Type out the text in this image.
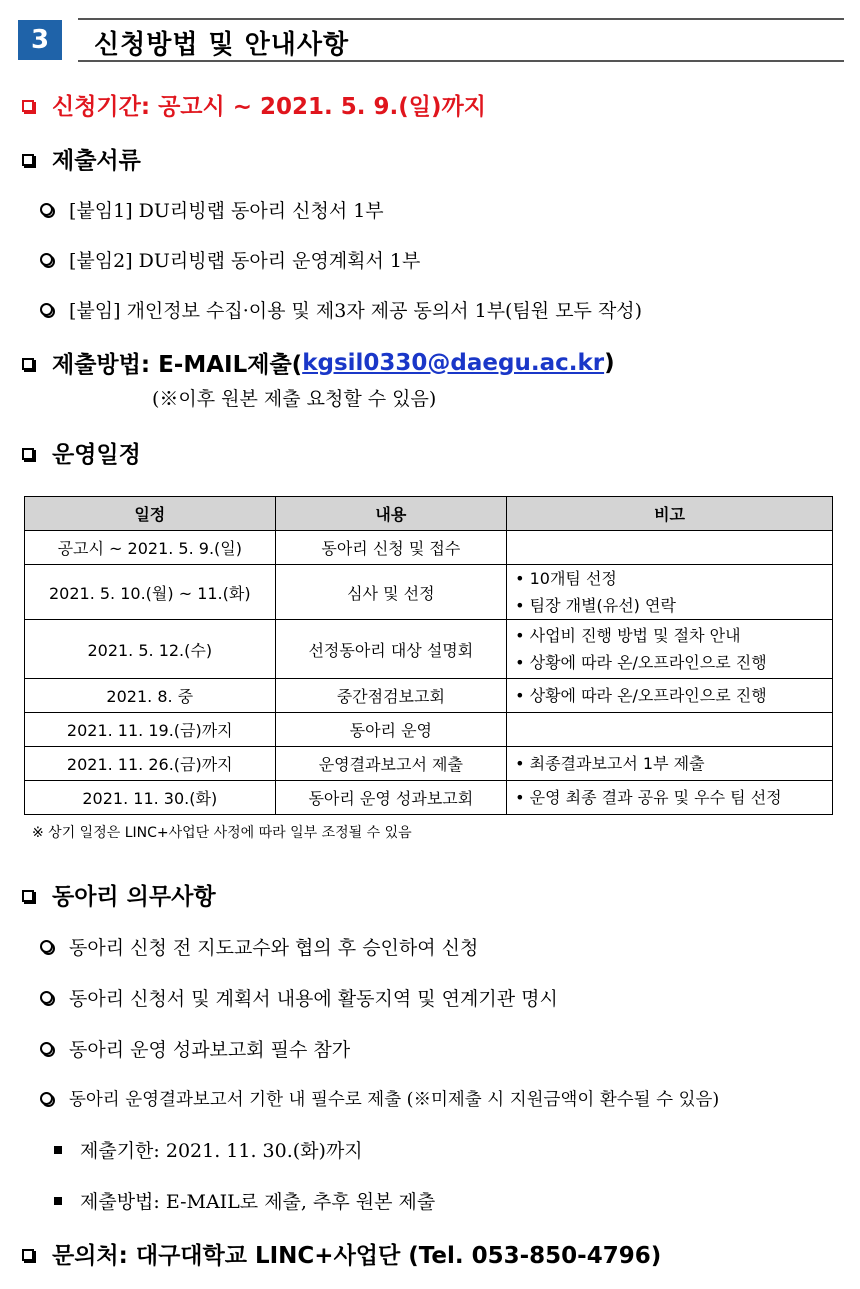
3	신청방법 및 안내사항
신청기간: 공고시 ~ 2021. 5. 9.(일)까지
제출서류
[붙임1] DU리빙랩 동아리 신청서 1부
[붙임2] DU리빙랩 동아리 운영계획서 1부
[붙임] 개인정보 수집·이용 및 제3자 제공 동의서 1부(팀원 모두 작성)
제출방법: E-MAIL제출( kgsil0330@daegu.ac.kr )
(※이후 원본 제출 요청할 수 있음)
운영일정
일정	내용	비고
공고시 ~ 2021. 5. 9.(일)	동아리 신청 및 접수	
2021. 5. 10.(월) ~ 11.(화)	심사 및 선정	• 10개팀 선정
• 팀장 개별(유선) 연락

2021. 5. 12.(수)	선정동아리 대상 설명회	• 사업비 진행 방법 및 절차 안내
• 상황에 따라 온/오프라인으로 진행

2021. 8. 중	중간점검보고회	• 상황에 따라 온/오프라인으로 진행

2021. 11. 19.(금)까지	동아리 운영	
2021. 11. 26.(금)까지	운영결과보고서 제출	• 최종결과보고서 1부 제출

2021. 11. 30.(화)	동아리 운영 성과보고회	• 운영 최종 결과 공유 및 우수 팀 선정
※ 상기 일정은 LINC+사업단 사정에 따라 일부 조정될 수 있음
동아리 의무사항
동아리 신청 전 지도교수와 협의 후 승인하여 신청
동아리 신청서 및 계획서 내용에 활동지역 및 연계기관 명시
동아리 운영 성과보고회 필수 참가
동아리 운영결과보고서 기한 내 필수로 제출 (※미제출 시 지원금액이 환수될 수 있음)
제출기한: 2021. 11. 30.(화)까지
제출방법: E-MAIL로 제출, 추후 원본 제출
문의처: 대구대학교 LINC+사업단 (Tel. 053-850-4796)
